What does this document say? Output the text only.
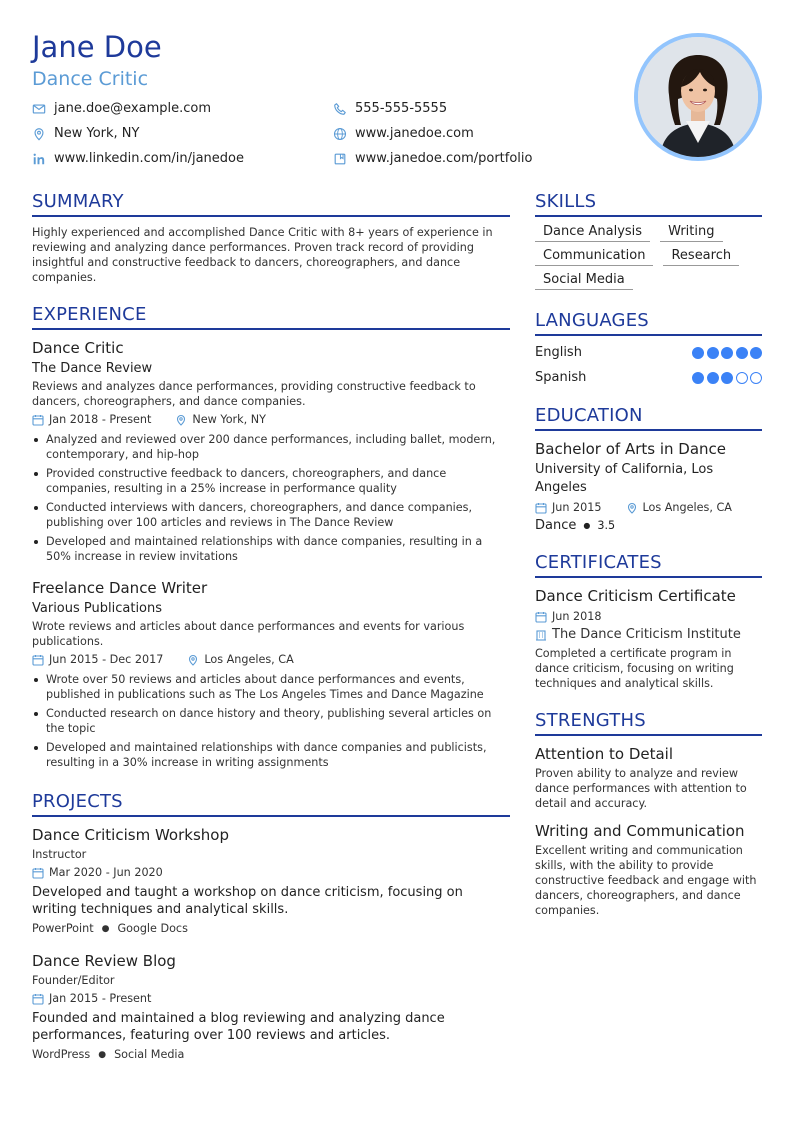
Jane Doe
Dance Critic
jane.doe@example.com	555-555-5555
New York, NY	www.janedoe.com
www.linkedin.com/in/janedoe	www.janedoe.com/portfolio
SUMMARY
Highly experienced and accomplished Dance Critic with 8+ years of experience in reviewing and analyzing dance performances. Proven track record of providing insightful and constructive feedback to dancers, choreographers, and dance companies.
EXPERIENCE
Dance Critic
The Dance Review
Reviews and analyzes dance performances, providing constructive feedback to dancers, choreographers, and dance companies.
Jan 2018 - Present	New York, NY
Analyzed and reviewed over 200 dance performances, including ballet, modern, contemporary, and hip-hop
Provided constructive feedback to dancers, choreographers, and dance companies, resulting in a 25% increase in performance quality
Conducted interviews with dancers, choreographers, and dance companies, publishing over 100 articles and reviews in The Dance Review
Developed and maintained relationships with dance companies, resulting in a 50% increase in review invitations
Freelance Dance Writer
Various Publications
Wrote reviews and articles about dance performances and events for various publications.
Jun 2015 - Dec 2017	Los Angeles, CA
Wrote over 50 reviews and articles about dance performances and events, published in publications such as The Los Angeles Times and Dance Magazine
Conducted research on dance history and theory, publishing several articles on the topic
Developed and maintained relationships with dance companies and publicists, resulting in a 30% increase in writing assignments
PROJECTS
Dance Criticism Workshop
Instructor
Mar 2020 - Jun 2020
Developed and taught a workshop on dance criticism, focusing on writing techniques and analytical skills.
PowerPoint ● Google Docs
Dance Review Blog
Founder/Editor
Jan 2015 - Present
Founded and maintained a blog reviewing and analyzing dance performances, featuring over 100 reviews and articles.
WordPress ● Social Media
SKILLS
Dance Analysis	Writing
Communication	Research
Social Media
LANGUAGES
English
Spanish
EDUCATION
Bachelor of Arts in Dance
University of California, Los Angeles
Jun 2015	Los Angeles, CA
Dance ● 3.5
CERTIFICATES
Dance Criticism Certificate
Jun 2018
The Dance Criticism Institute
Completed a certificate program in dance criticism, focusing on writing techniques and analytical skills.
STRENGTHS
Attention to Detail
Proven ability to analyze and review dance performances with attention to detail and accuracy.
Writing and Communication
Excellent writing and communication skills, with the ability to provide constructive feedback and engage with dancers, choreographers, and dance companies.
